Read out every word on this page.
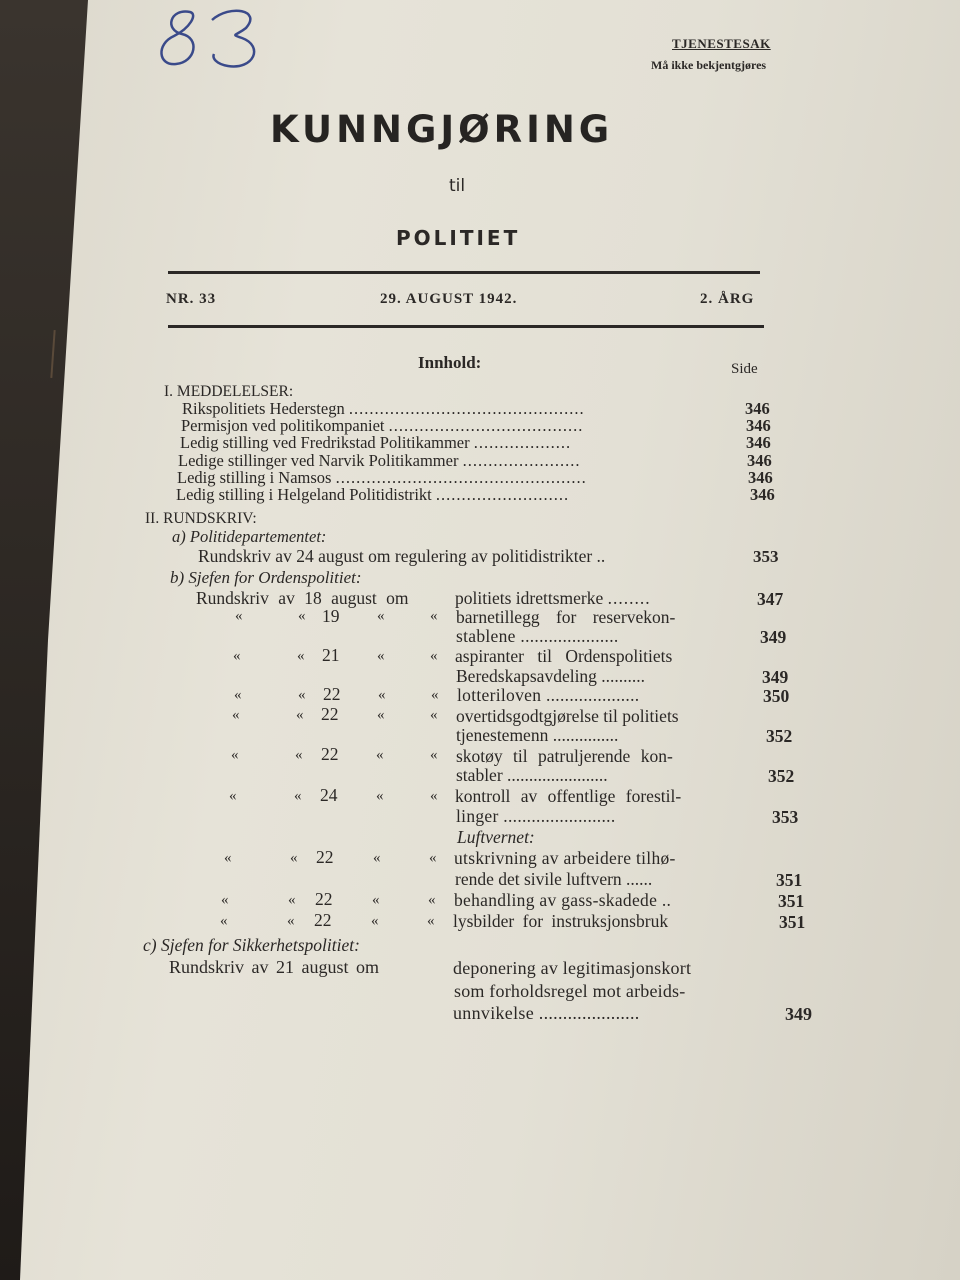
TJENESTESAK
Må ikke bekjentgjøres
KUNNGJØRING
til
POLITIET
NR. 33	29. AUGUST 1942.	2. ÅRG
Innhold:	Side
I. MEDDELELSER:
Rikspolitiets Hederstegn ..............................................	346
Permisjon ved politikompaniet ......................................	346
Ledig stilling ved Fredrikstad Politikammer ...................	346
Ledige stillinger ved Narvik Politikammer .......................	346
Ledig stilling i Namsos .................................................	346
Ledig stilling i Helgeland Politidistrikt ..........................	346
II. RUNDSKRIV:
a) Politidepartementet:
Rundskriv av 24 august om regulering av politidistrikter ..	353
b) Sjefen for Ordenspolitiet:
Rundskriv av 18 august om	politiets idrettsmerke ........	347
«	« 19	«	« barnetillegg for reservekon-
stablene .....................	349
«	« 21	«	« aspiranter til Ordenspolitiets
Beredskapsavdeling ..........	349
«	« 22	«	« lotteriloven ....................	350
«	« 22	«	« overtidsgodtgjørelse til politiets
tjenestemenn ...............	352
«	« 22	«	« skotøy til patruljerende kon-
stabler .......................	352
«	« 24	«	« kontroll av offentlige forestil-
linger ........................	353
Luftvernet:
«	« 22	«	« utskrivning av arbeidere tilhø-
rende det sivile luftvern ......	351
«	« 22	«	« behandling av gass-skadede ..	351
«	« 22	«	« lysbilder for instruksjonsbruk	351
c) Sjefen for Sikkerhetspolitiet:
Rundskriv av 21 august om	deponering av legitimasjonskort
som forholdsregel mot arbeids-
unnvikelse .....................	349
